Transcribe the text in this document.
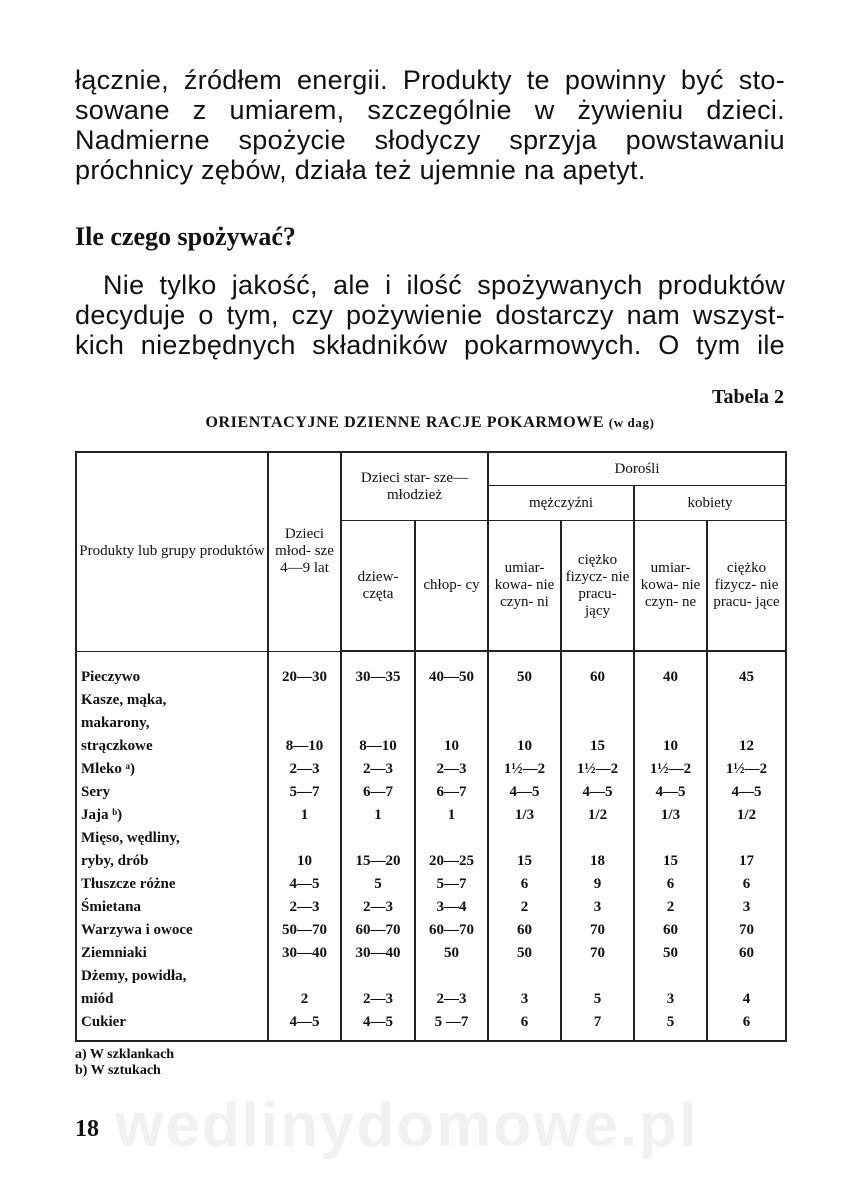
łącznie, źródłem energii. Produkty te powinny być sto-
sowane z umiarem, szczególnie w żywieniu dzieci.
Nadmierne spożycie słodyczy sprzyja powstawaniu
próchnicy zębów, działa też ujemnie na apetyt.
Ile czego spożywać?
Nie tylko jakość, ale i ilość spożywanych produktów
decyduje o tym, czy pożywienie dostarczy nam wszyst-
kich niezbędnych składników pokarmowych. O tym ile
Tabela 2
ORIENTACYJNE DZIENNE RACJE POKARMOWE (w dag)
Produkty lub grupy produktów	Dzieci młod- sze 4—9 lat	Dzieci star- sze—młodzież		Dorośli			
				mężczyźni		kobiety	
		dziew- częta	chłop- cy	umiar- kowa- nie czyn- ni	ciężko fizycz- nie pracu- jący	umiar- kowa- nie czyn- ne	ciężko fizycz- nie pracu- jące

Pieczywo	20—30	30—35	40—50	50	60	40	45
Kasze, mąka,							
makarony,							
strączkowe	8—10	8—10	10	10	15	10	12
Mleko ᵃ)	2—3	2—3	2—3	1½—2	1½—2	1½—2	1½—2
Sery	5—7	6—7	6—7	4—5	4—5	4—5	4—5
Jaja ᵇ)	1	1	1	1/3	1/2	1/3	1/2
Mięso, wędliny,							
ryby, drób	10	15—20	20—25	15	18	15	17
Tłuszcze różne	4—5	5	5—7	6	9	6	6
Śmietana	2—3	2—3	3—4	2	3	2	3
Warzywa i owoce	50—70	60—70	60—70	60	70	60	70
Ziemniaki	30—40	30—40	50	50	70	50	60
Dżemy, powidła,							
miód	2	2—3	2—3	3	5	3	4
Cukier	4—5	4—5	5 —7	6	7	5	6
a) W szklankach
b) W sztukach
wedlinydomowe.pl
18
